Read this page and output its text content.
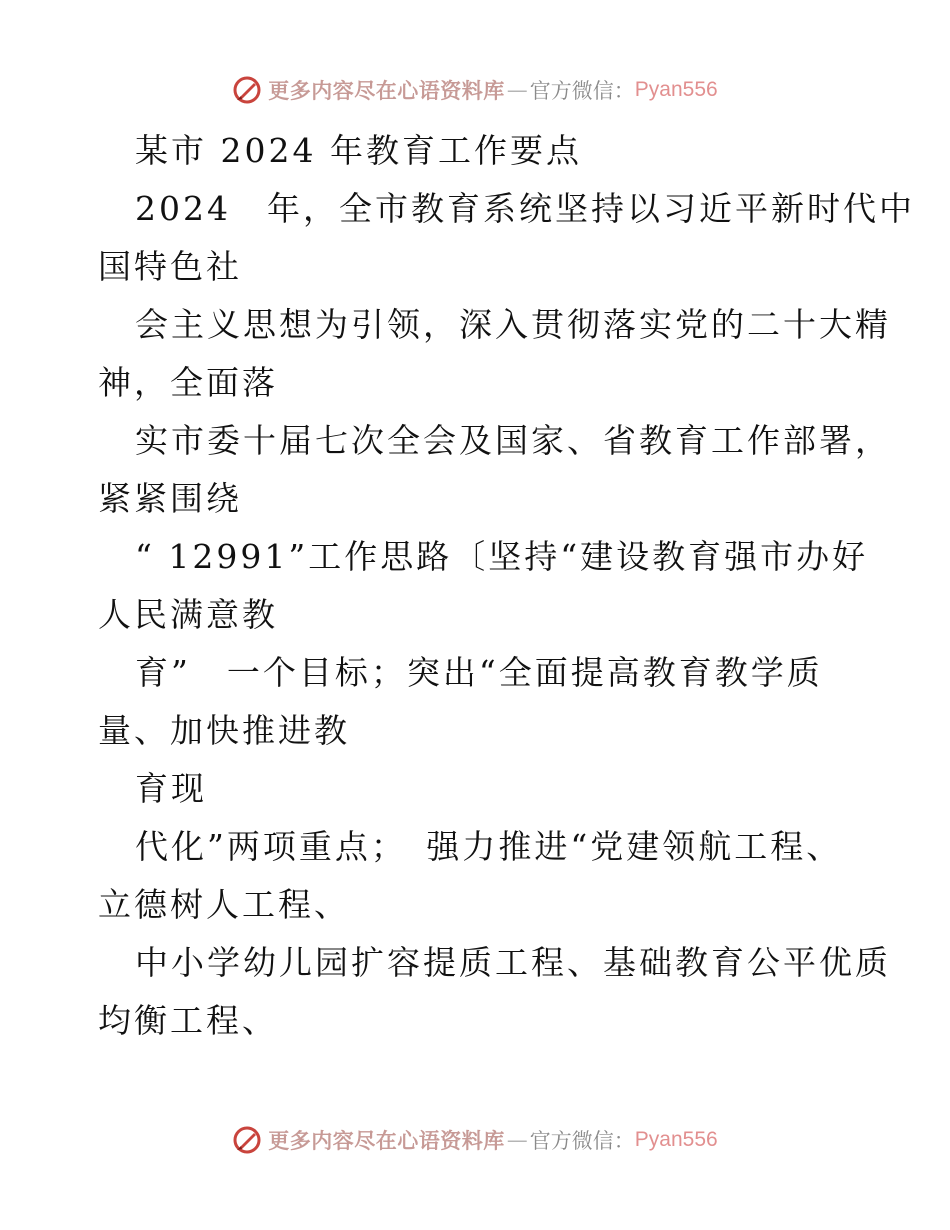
更多内容尽在心语资料库 — 官方微信： Pyan556
某市 2024 年教育工作要点
2024　年，全市教育系统坚持以习近平新时代中
国特色社
会主义思想为引领，深入贯彻落实党的二十大精
神，全面落
实市委十届七次全会及国家、省教育工作部署，
紧紧围绕
“ 12991”工作思路〔坚持“建设教育强市办好
人民满意教
育”　一个目标；突出“全面提高教育教学质
量、加快推进教
育现
代化”两项重点；　强力推进“党建领航工程、
立德树人工程、
中小学幼儿园扩容提质工程、基础教育公平优质
均衡工程、
更多内容尽在心语资料库 — 官方微信： Pyan556
